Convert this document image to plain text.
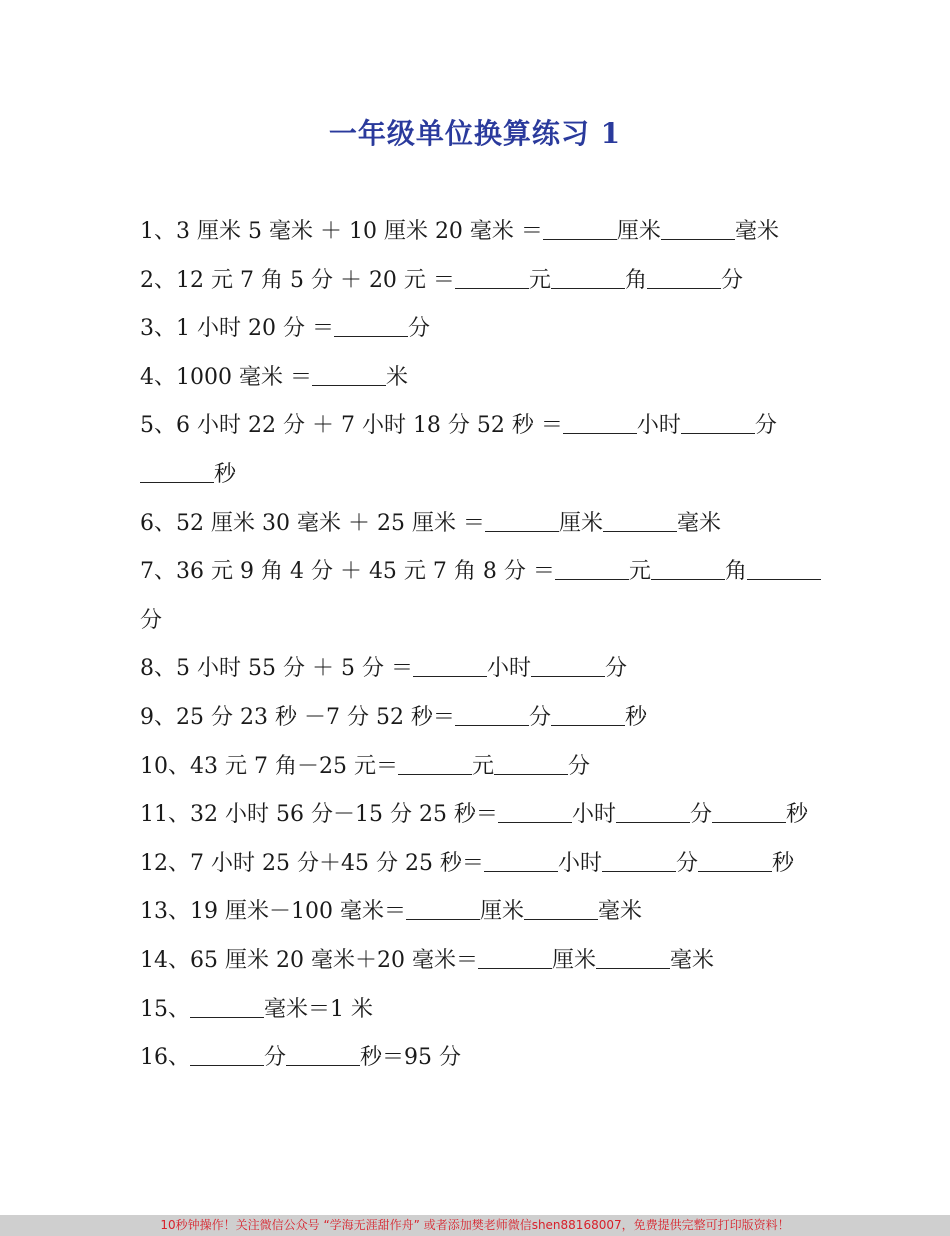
一年级单位换算练习 1
1、3 厘米 5 毫米 ＋ 10 厘米 20 毫米 ＝	厘米	毫米
2、12 元 7 角 5 分 ＋ 20 元 ＝	元	角	分
3、1 小时 20 分 ＝	分
4、1000 毫米 ＝	米
5、6 小时 22 分 ＋ 7 小时 18 分 52 秒 ＝	小时	分
秒
6、52 厘米 30 毫米 ＋ 25 厘米 ＝	厘米	毫米
7、36 元 9 角 4 分 ＋ 45 元 7 角 8 分 ＝	元	角
分
8、5 小时 55 分 ＋ 5 分 ＝	小时	分
9、25 分 23 秒 －7 分 52 秒＝	分	秒
10、43 元 7 角－25 元＝	元	分
11、32 小时 56 分－15 分 25 秒＝	小时	分	秒
12、7 小时 25 分＋45 分 25 秒＝	小时	分	秒
13、19 厘米－100 毫米＝	厘米	毫米
14、65 厘米 20 毫米＋20 毫米＝	厘米	毫米
15、	毫米＝1 米
16、	分	秒＝95 分
10秒钟操作！关注微信公众号 “学海无涯甜作舟” 或者添加樊老师微信shen88168007，免费提供完整可打印版资料！
